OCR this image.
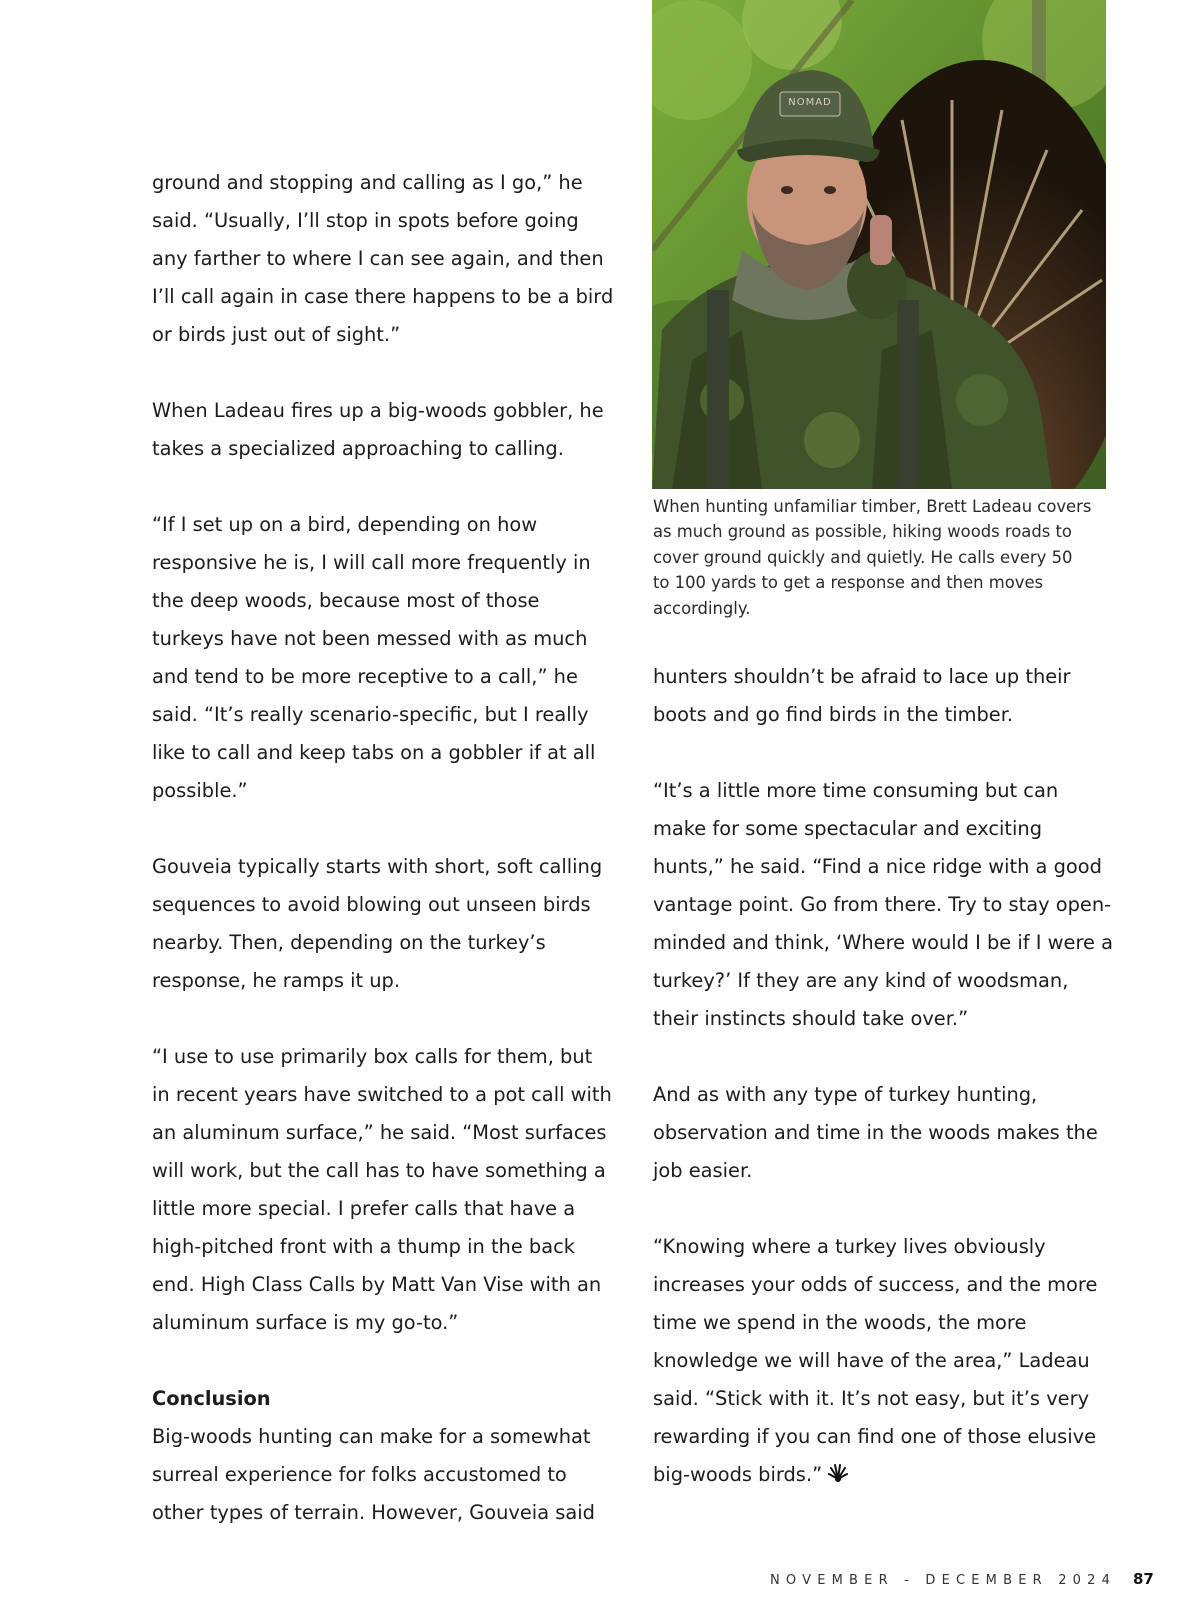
ground and stopping and calling as I go,” he said. “Usually, I’ll stop in spots before going any farther to where I can see again, and then I’ll call again in case there happens to be a bird or birds just out of sight.”

When Ladeau fires up a big-woods gobbler, he takes a specialized approaching to calling.

“If I set up on a bird, depending on how responsive he is, I will call more frequently in the deep woods, because most of those turkeys have not been messed with as much and tend to be more receptive to a call,” he said. “It’s really scenario-specific, but I really like to call and keep tabs on a gobbler if at all possible.”

Gouveia typically starts with short, soft calling sequences to avoid blowing out unseen birds nearby. Then, depending on the turkey’s response, he ramps it up.

“I use to use primarily box calls for them, but in recent years have switched to a pot call with an aluminum surface,” he said. “Most surfaces will work, but the call has to have something a little more special. I prefer calls that have a high-pitched front with a thump in the back end. High Class Calls by Matt Van Vise with an aluminum surface is my go-to.”

Conclusion

Big-woods hunting can make for a somewhat surreal experience for folks accustomed to other types of terrain. However, Gouveia said

NOMAD

When hunting unfamiliar timber, Brett Ladeau covers as much ground as possible, hiking woods roads to cover ground quickly and quietly. He calls every 50 to 100 yards to get a response and then moves accordingly.

hunters shouldn’t be afraid to lace up their boots and go find birds in the timber.

“It’s a little more time consuming but can make for some spectacular and exciting hunts,” he said. “Find a nice ridge with a good vantage point. Go from there. Try to stay open-minded and think, ‘Where would I be if I were a turkey?’ If they are any kind of woodsman, their instincts should take over.”

And as with any type of turkey hunting, observation and time in the woods makes the job easier.

“Knowing where a turkey lives obviously increases your odds of success, and the more time we spend in the woods, the more knowledge we will have of the area,” Ladeau said. “Stick with it. It’s not easy, but it’s very rewarding if you can find one of those elusive big-woods birds.”

NOVEMBER - DECEMBER 2024 87
